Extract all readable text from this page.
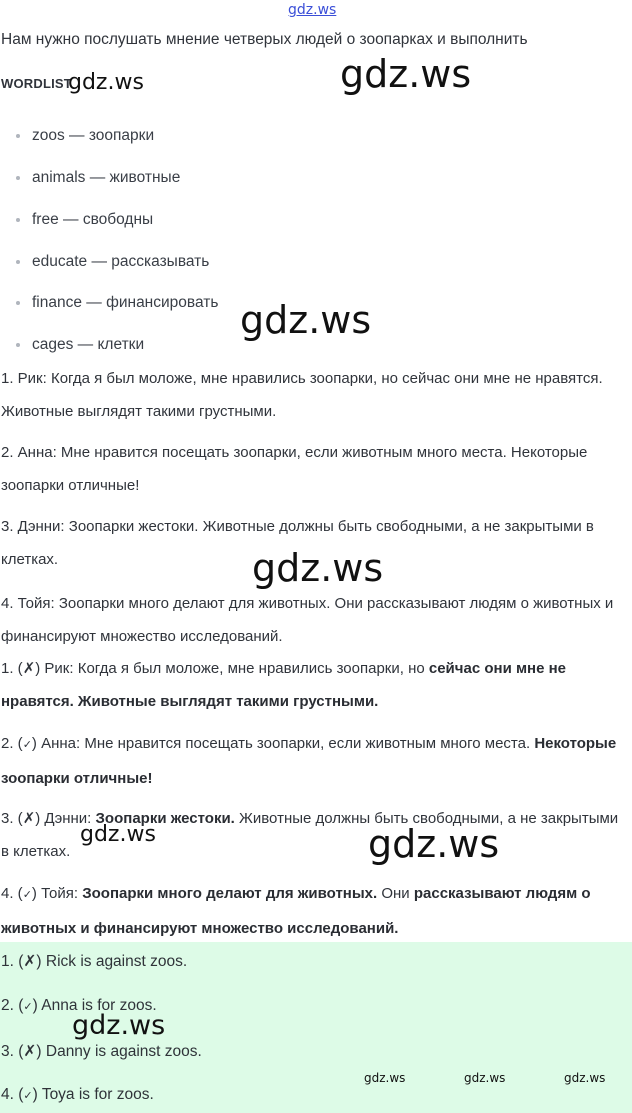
gdz.ws
Нам нужно послушать мнение четверых людей о зоопарках и выполнить
WORDLIST
zoos — зоопарки
animals — животные
free — свободны
educate — рассказывать
finance — финансировать
cages — клетки
1. Рик: Когда я был моложе, мне нравились зоопарки, но сейчас они мне не нравятся. Животные выглядят такими грустными.
2. Анна: Мне нравится посещать зоопарки, если животным много места. Некоторые зоопарки отличные!
3. Дэнни: Зоопарки жестоки. Животные должны быть свободными, а не закрытыми в клетках.
4. Тойя: Зоопарки много делают для животных. Они рассказывают людям о животных и финансируют множество исследований.
1. (✗) Рик: Когда я был моложе, мне нравились зоопарки, но сейчас они мне не нравятся. Животные выглядят такими грустными.
2. (✓) Анна: Мне нравится посещать зоопарки, если животным много места. Некоторые зоопарки отличные!
3. (✗) Дэнни: Зоопарки жестоки. Животные должны быть свободными, а не закрытыми в клетках.
4. (✓) Тойя: Зоопарки много делают для животных. Они рассказывают людям о животных и финансируют множество исследований.
1. (✗) Rick is against zoos.
2. (✓) Anna is for zoos.
3. (✗) Danny is against zoos.
4. (✓) Toya is for zoos.
gdz.ws	gdz.ws
gdz.ws
gdz.ws
gdz.ws	gdz.ws
gdz.ws
gdz.ws	gdz.ws	gdz.ws
